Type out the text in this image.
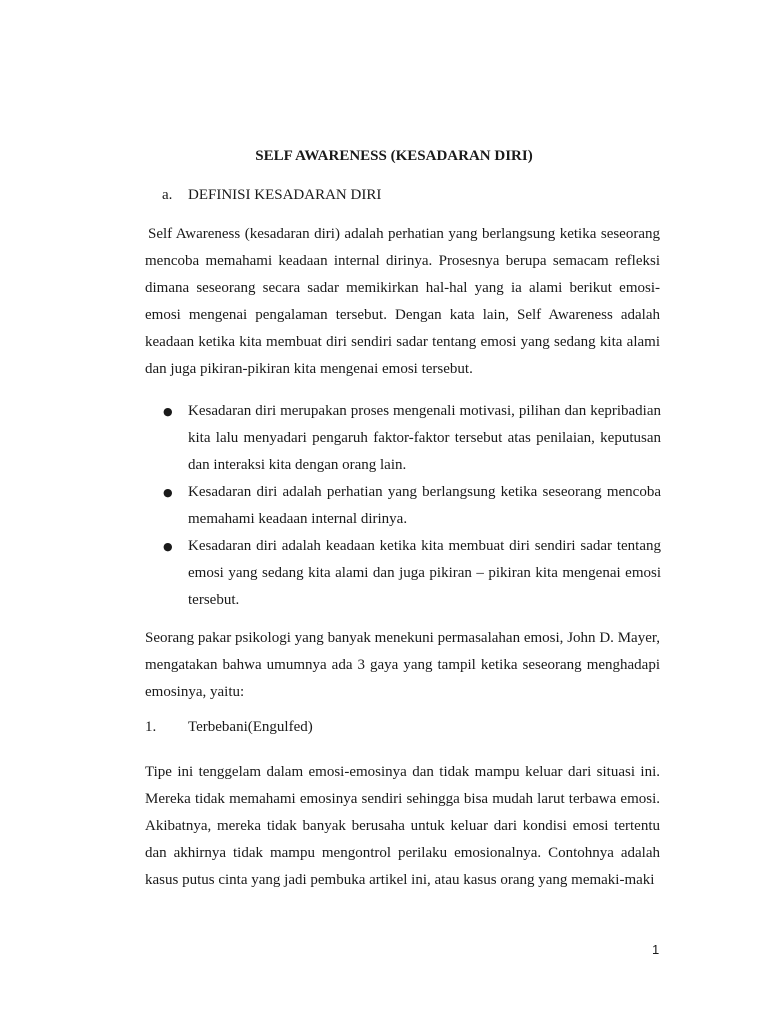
SELF AWARENESS (KESADARAN DIRI)
a. DEFINISI KESADARAN DIRI
Self Awareness (kesadaran diri) adalah perhatian yang berlangsung ketika seseorang mencoba memahami keadaan internal dirinya. Prosesnya berupa semacam refleksi dimana seseorang secara sadar memikirkan hal-hal yang ia alami berikut emosi-emosi mengenai pengalaman tersebut. Dengan kata lain, Self Awareness adalah keadaan ketika kita membuat diri sendiri sadar tentang emosi yang sedang kita alami dan juga pikiran-pikiran kita mengenai emosi tersebut.
●	Kesadaran diri merupakan proses mengenali motivasi, pilihan dan kepribadian kita lalu menyadari pengaruh faktor-faktor tersebut atas penilaian, keputusan dan interaksi kita dengan orang lain.
●	Kesadaran diri adalah perhatian yang berlangsung ketika seseorang mencoba memahami keadaan internal dirinya.
●	Kesadaran diri adalah keadaan ketika kita membuat diri sendiri sadar tentang emosi yang sedang kita alami dan juga pikiran – pikiran kita mengenai emosi tersebut.
Seorang pakar psikologi yang banyak menekuni permasalahan emosi, John D. Mayer, mengatakan bahwa umumnya ada 3 gaya yang tampil ketika seseorang menghadapi emosinya, yaitu:
1. Terbebani(Engulfed)
Tipe ini tenggelam dalam emosi-emosinya dan tidak mampu keluar dari situasi ini. Mereka tidak memahami emosinya sendiri sehingga bisa mudah larut terbawa emosi. Akibatnya, mereka tidak banyak berusaha untuk keluar dari kondisi emosi tertentu dan akhirnya tidak mampu mengontrol perilaku emosionalnya. Contohnya adalah kasus putus cinta yang jadi pembuka artikel ini, atau kasus orang yang memaki-maki
1
